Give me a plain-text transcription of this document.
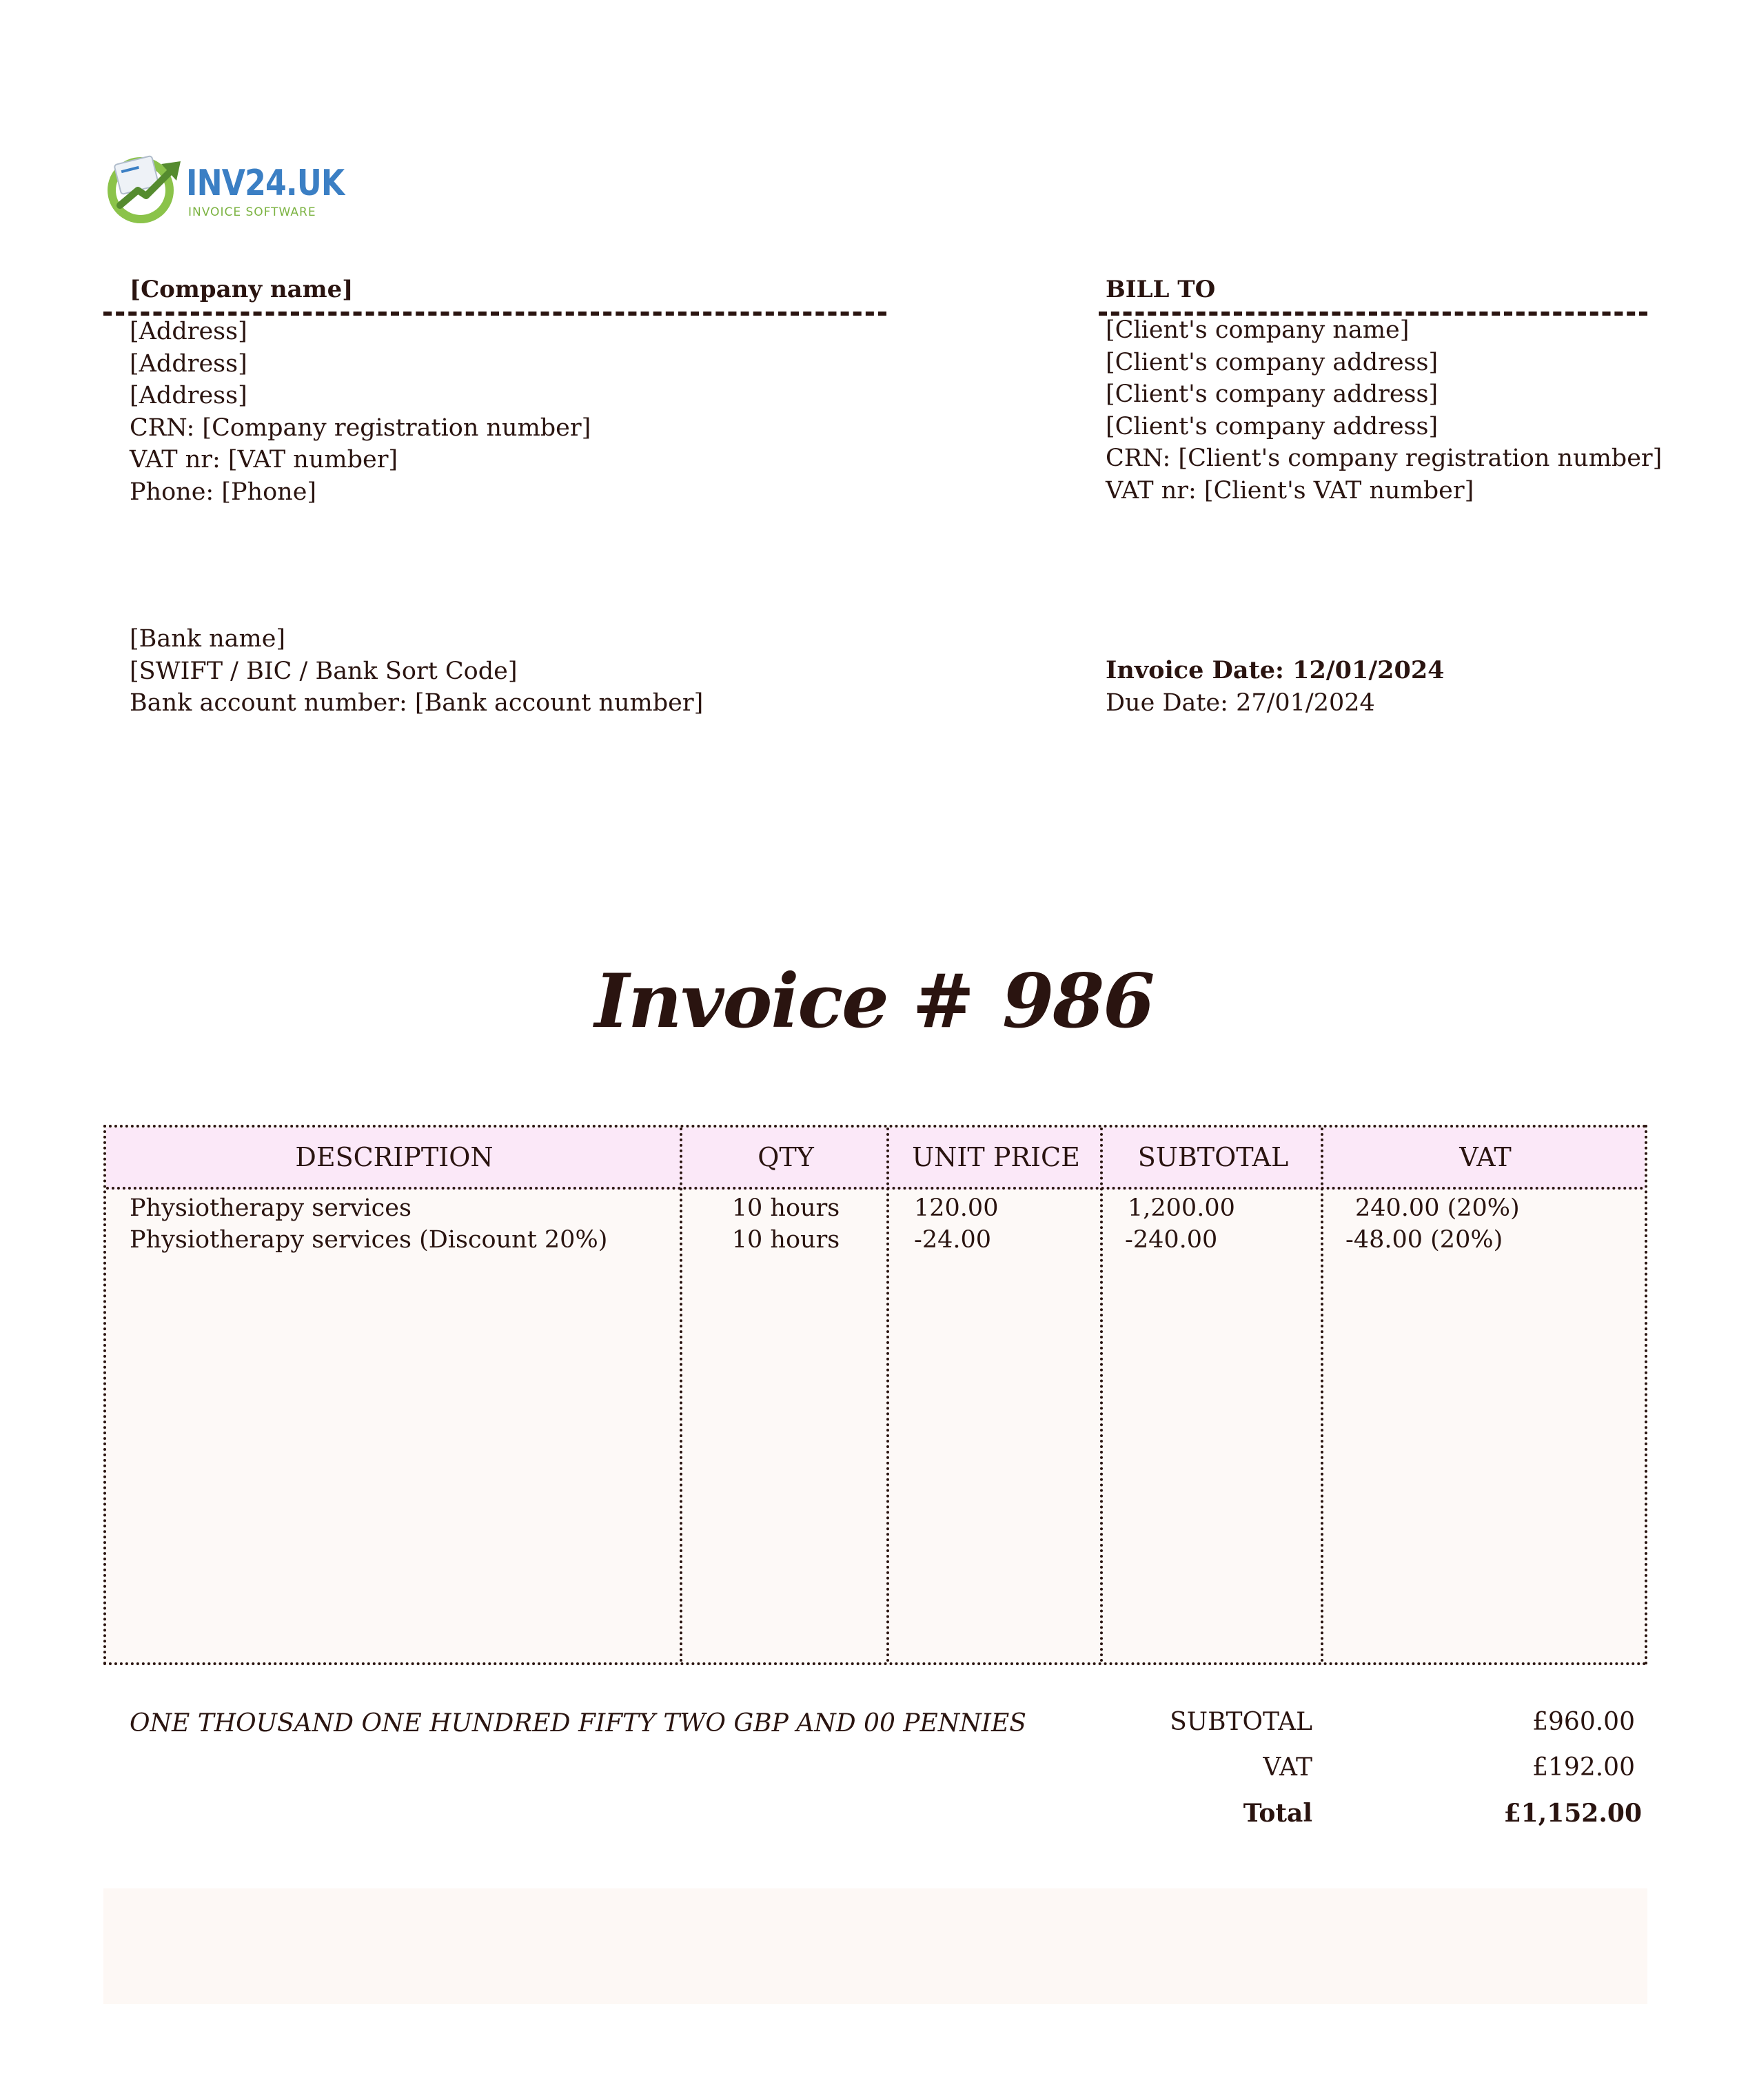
INV24.UK
INVOICE SOFTWARE
[Company name]
[Address]
[Address]
[Address]
CRN: [Company registration number]
VAT nr: [VAT number]
Phone: [Phone]
[Bank name]
[SWIFT / BIC / Bank Sort Code]
Bank account number: [Bank account number]
BILL TO
[Client's company name]
[Client's company address]
[Client's company address]
[Client's company address]
CRN: [Client's company registration number]
VAT nr: [Client's VAT number]
Invoice Date: 12/01/2024
Due Date: 27/01/2024
Invoice # 986
DESCRIPTION	QTY	UNIT PRICE	SUBTOTAL	VAT
Physiotherapy services	10 hours	120.00	1,200.00	240.00 (20%)
Physiotherapy services (Discount 20%)	10 hours	-24.00	-240.00	-48.00 (20%)
ONE THOUSAND ONE HUNDRED FIFTY TWO GBP AND 00 PENNIES	SUBTOTAL	£960.00
VAT	£192.00
Total	£1,152.00
